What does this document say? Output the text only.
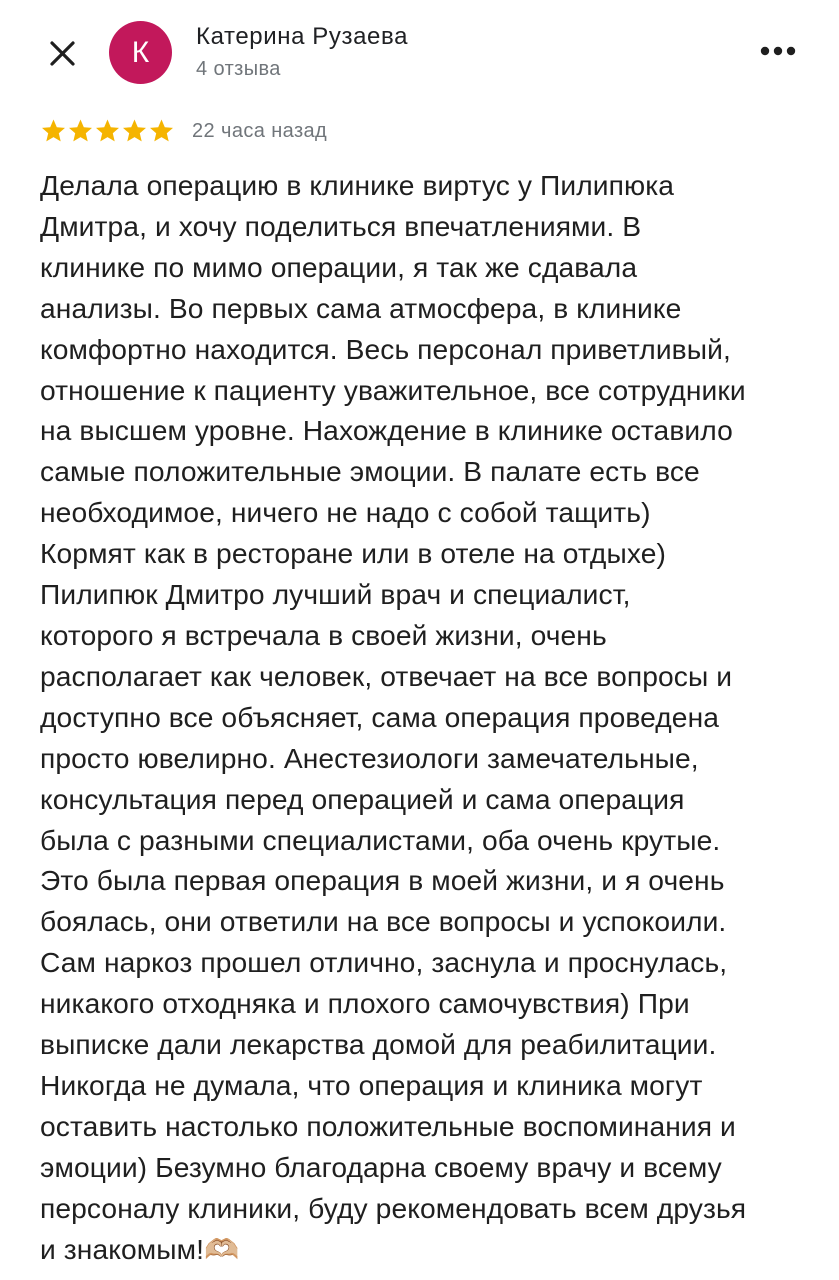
К	Катерина Рузаева
4 отзыва
22 часа назад

Делала операцию в клинике виртус у Пилипюка
Дмитра, и хочу поделиться впечатлениями. В
клинике по мимо операции, я так же сдавала
анализы. Во первых сама атмосфера, в клинике
комфортно находится. Весь персонал приветливый,
отношение к пациенту уважительное, все сотрудники
на высшем уровне. Нахождение в клинике оставило
самые положительные эмоции. В палате есть все
необходимое, ничего не надо с собой тащить)
Кормят как в ресторане или в отеле на отдыхе)
Пилипюк Дмитро лучший врач и специалист,
которого я встречала в своей жизни, очень
располагает как человек, отвечает на все вопросы и
доступно все объясняет, сама операция проведена
просто ювелирно. Анестезиологи замечательные,
консультация перед операцией и сама операция
была с разными специалистами, оба очень крутые.
Это была первая операция в моей жизни, и я очень
боялась, они ответили на все вопросы и успокоили.
Сам наркоз прошел отлично, заснула и проснулась,
никакого отходняка и плохого самочувствия) При
выписке дали лекарства домой для реабилитации.
Никогда не думала, что операция и клиника могут
оставить настолько положительные воспоминания и
эмоции) Безумно благодарна своему врачу и всему
персоналу клиники, буду рекомендовать всем друзья
и знакомым!🫶🏼
